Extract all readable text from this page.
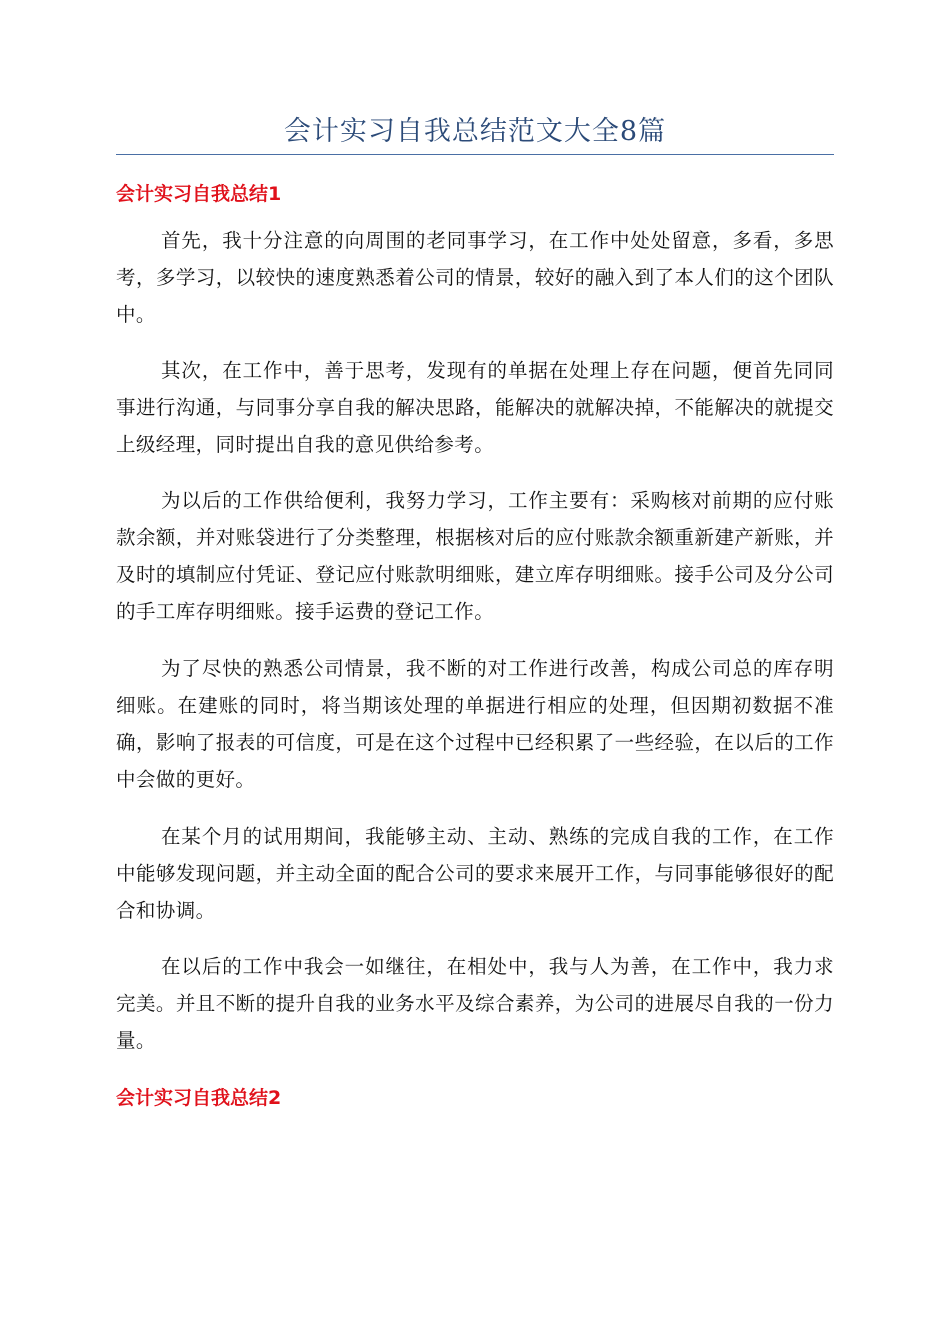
会计实习自我总结范文大全8篇
会计实习自我总结1

首先，我十分注意的向周围的老同事学习，在工作中处处留意，多看，多思考，多学习，以较快的速度熟悉着公司的情景，较好的融入到了本人们的这个团队中。

其次，在工作中，善于思考，发现有的单据在处理上存在问题，便首先同同事进行沟通，与同事分享自我的解决思路，能解决的就解决掉，不能解决的就提交上级经理，同时提出自我的意见供给参考。

为以后的工作供给便利，我努力学习，工作主要有：采购核对前期的应付账款余额，并对账袋进行了分类整理，根据核对后的应付账款余额重新建产新账，并及时的填制应付凭证、登记应付账款明细账，建立库存明细账。接手公司及分公司的手工库存明细账。接手运费的登记工作。

为了尽快的熟悉公司情景，我不断的对工作进行改善，构成公司总的库存明细账。在建账的同时，将当期该处理的单据进行相应的处理，但因期初数据不准确，影响了报表的可信度，可是在这个过程中已经积累了一些经验，在以后的工作中会做的更好。

在某个月的试用期间，我能够主动、主动、熟练的完成自我的工作，在工作中能够发现问题，并主动全面的配合公司的要求来展开工作，与同事能够很好的配合和协调。

在以后的工作中我会一如继往，在相处中，我与人为善，在工作中，我力求完美。并且不断的提升自我的业务水平及综合素养，为公司的进展尽自我的一份力量。

会计实习自我总结2
